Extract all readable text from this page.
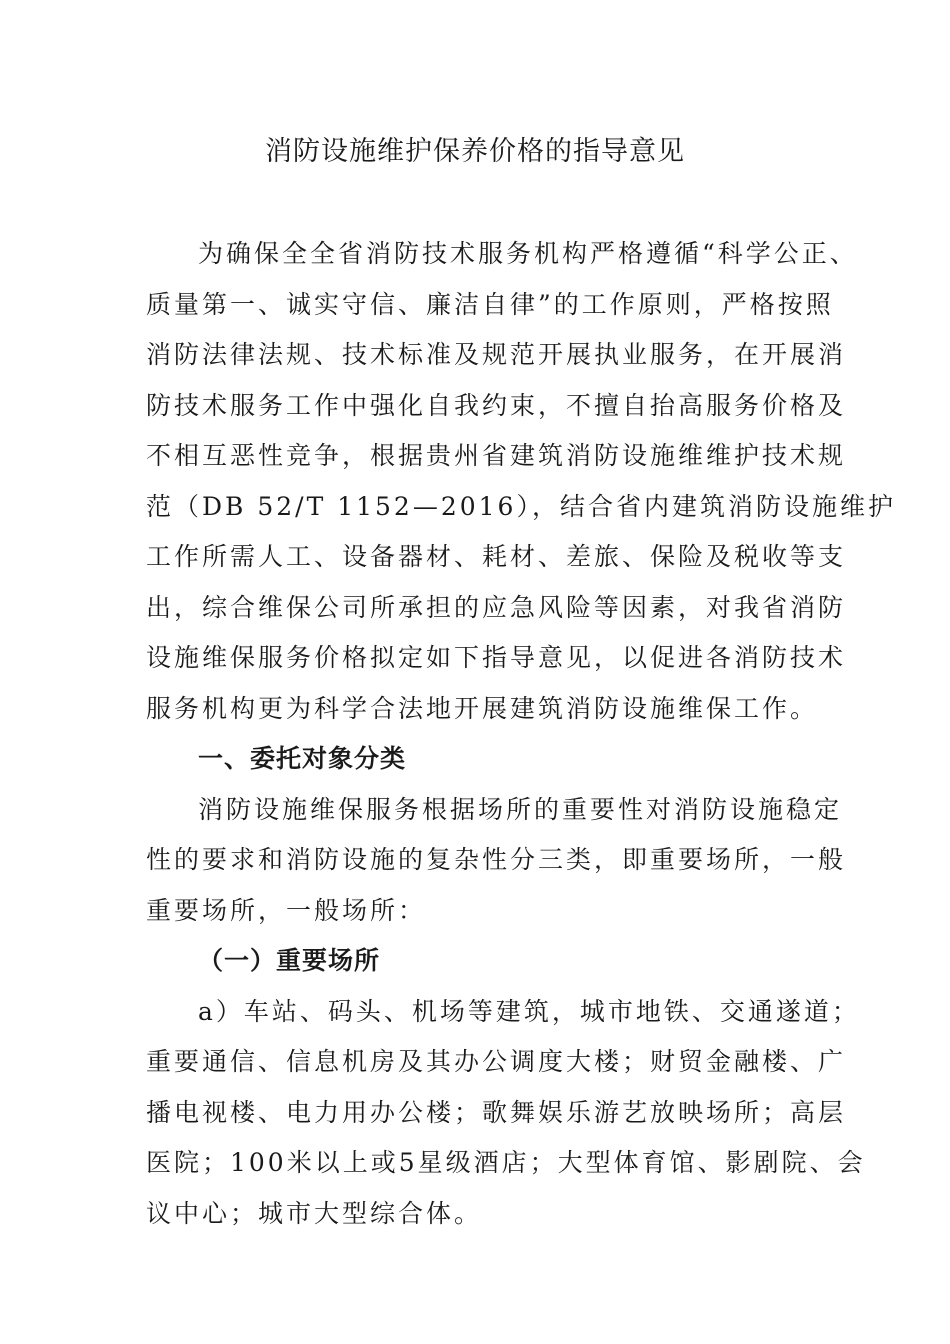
消防设施维护保养价格的指导意见

为确保全全省消防技术服务机构严格遵循“科学公正、

质量第一、诚实守信、廉洁自律”的工作原则，严格按照

消防法律法规、技术标准及规范开展执业服务，在开展消

防技术服务工作中强化自我约束，不擅自抬高服务价格及

不相互恶性竞争，根据贵州省建筑消防设施维维护技术规

范（DB 52/T 1152—2016），结合省内建筑消防设施维护

工作所需人工、设备器材、耗材、差旅、保险及税收等支

出，综合维保公司所承担的应急风险等因素，对我省消防

设施维保服务价格拟定如下指导意见，以促进各消防技术

服务机构更为科学合法地开展建筑消防设施维保工作。

一、委托对象分类

消防设施维保服务根据场所的重要性对消防设施稳定

性的要求和消防设施的复杂性分三类，即重要场所，一般

重要场所，一般场所：

（一）重要场所

a）车站、码头、机场等建筑，城市地铁、交通遂道；

重要通信、信息机房及其办公调度大楼；财贸金融楼、广

播电视楼、电力用办公楼；歌舞娱乐游艺放映场所；高层

医院；100米以上或5星级酒店；大型体育馆、影剧院、会

议中心；城市大型综合体。
